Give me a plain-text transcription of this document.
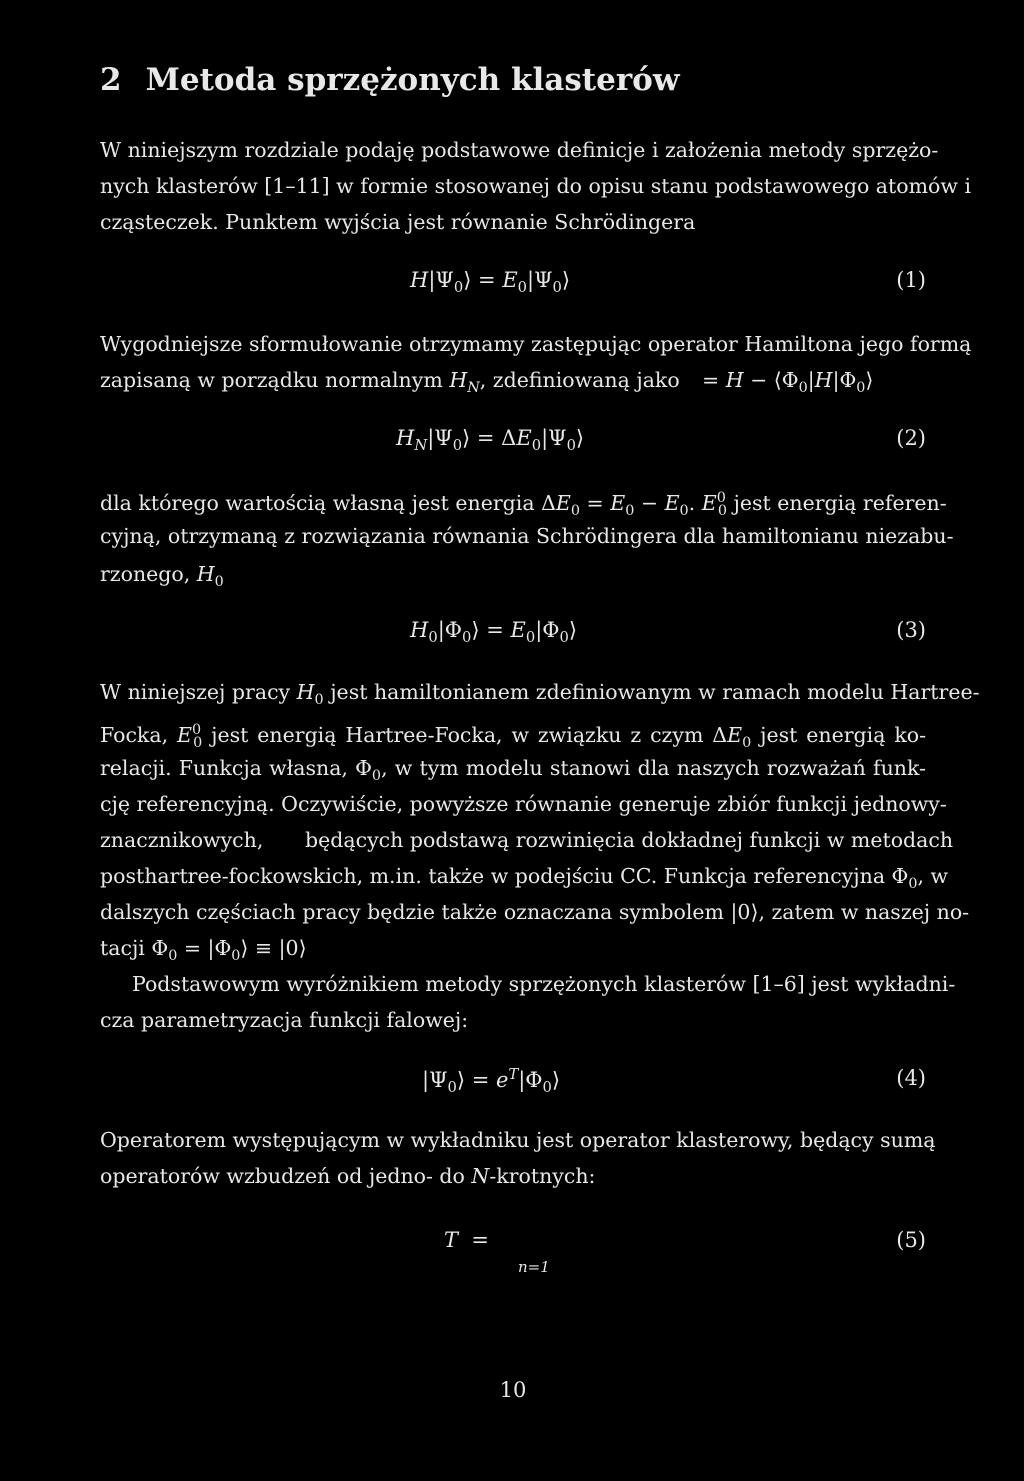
2 Metoda sprzężonych klasterów
W niniejszym rozdziale podaję podstawowe definicje i założenia metody sprzężo-
nych klasterów [1–11] w formie stosowanej do opisu stanu podstawowego atomów i
cząsteczek. Punktem wyjścia jest równanie Schrödingera
$H|\Psi_0⟩$ = $E_0|\Psi_0⟩$	(1)
Wygodniejsze sformułowanie otrzymamy zastępując operator Hamiltona jego formą
zapisaną w porządku normalnym $H_N$, zdefiniowaną jako = $H - ⟨\Phi_0|H|\Phi_0⟩$
$H_N|\Psi_0⟩$ = $\Delta E_0|\Psi_0⟩$	(2)
dla którego wartością własną jest energia $\Delta E_0 = E_0 - E_0$. $E^0_0$ jest energią referen-
cyjną, otrzymaną z rozwiązania równania Schrödingera dla hamiltonianu niezabu-
rzonego, $H_0$
$H_0|\Phi_0⟩$ = $E_0|\Phi_0⟩$	(3)
W niniejszej pracy $H_0$ jest hamiltonianem zdefiniowanym w ramach modelu Hartree-
Focka, $E^0_0$ jest energią Hartree-Focka, w związku z czym $\Delta E_0$ jest energią ko-
relacji. Funkcja własna, $\Phi_0$, w tym modelu stanowi dla naszych rozważań funk-
cję referencyjną. Oczywiście, powyższe równanie generuje zbiór funkcji jednowy-
znacznikowych, będących podstawą rozwinięcia dokładnej funkcji w metodach
posthartree-fockowskich, m.in. także w podejściu CC. Funkcja referencyjna $\Phi_0$, w
dalszych częściach pracy będzie także oznaczana symbolem |0⟩, zatem w naszej no-
tacji $\Phi_0$ = $|\Phi_0⟩$ ≡ |0⟩
Podstawowym wyróżnikiem metody sprzężonych klasterów [1–6] jest wykładni-
cza parametryzacja funkcji falowej:
$|\Psi_0⟩$ = $e^T|\Phi_0⟩$	(4)
Operatorem występującym w wykładniku jest operator klasterowy, będący sumą
operatorów wzbudzeń od jedno- do N-krotnych:
T  =	(5)
n=1
10
